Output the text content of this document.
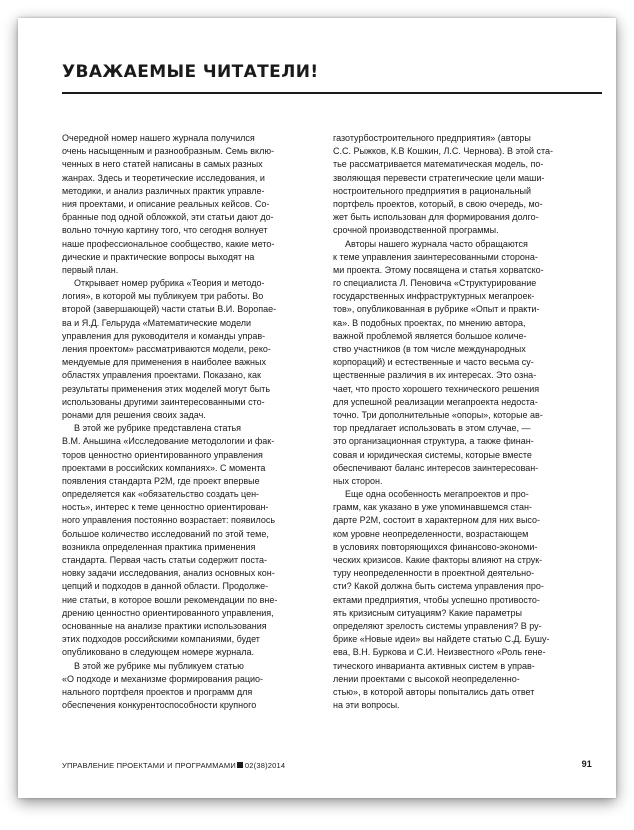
УВАЖАЕМЫЕ ЧИТАТЕЛИ!
Очередной номер нашего журнала получился
очень насыщенным и разнообразным. Семь вклю-
ченных в него статей написаны в самых разных
жанрах. Здесь и теоретические исследования, и
методики, и анализ различных практик управле-
ния проектами, и описание реальных кейсов. Со-
бранные под одной обложкой, эти статьи дают до-
вольно точную картину того, что сегодня волнует
наше профессиональное сообщество, какие мето-
дические и практические вопросы выходят на
первый план.
Открывает номер рубрика «Теория и методо-
логия», в которой мы публикуем три работы. Во
второй (завершающей) части статьи В.И. Воропае-
ва и Я.Д. Гельруда «Математические модели
управления для руководителя и команды управ-
ления проектом» рассматриваются модели, реко-
мендуемые для применения в наиболее важных
областях управления проектами. Показано, как
результаты применения этих моделей могут быть
использованы другими заинтересованными сто-
ронами для решения своих задач.
В этой же рубрике представлена статья
В.М. Аньшина «Исследование методологии и фак-
торов ценностно ориентированного управления
проектами в российских компаниях». С момента
появления стандарта P2M, где проект впервые
определяется как «обязательство создать цен-
ность», интерес к теме ценностно ориентирован-
ного управления постоянно возрастает: появилось
большое количество исследований по этой теме,
возникла определенная практика применения
стандарта. Первая часть статьи содержит поста-
новку задачи исследования, анализ основных кон-
цепций и подходов в данной области. Продолже-
ние статьи, в которое вошли рекомендации по вне-
дрению ценностно ориентированного управления,
основанные на анализе практики использования
этих подходов российскими компаниями, будет
опубликовано в следующем номере журнала.
В этой же рубрике мы публикуем статью
«О подходе и механизме формирования рацио-
нального портфеля проектов и программ для
обеспечения конкурентоспособности крупного
газотурбостроительного предприятия» (авторы
С.С. Рыжков, К.В Кошкин, Л.С. Чернова). В этой ста-
тье рассматривается математическая модель, по-
зволяющая перевести стратегические цели маши-
ностроительного предприятия в рациональный
портфель проектов, который, в свою очередь, мо-
жет быть использован для формирования долго-
срочной производственной программы.
Авторы нашего журнала часто обращаются
к теме управления заинтересованными сторона-
ми проекта. Этому посвящена и статья хорватско-
го специалиста Л. Пеновича «Структурирование
государственных инфраструктурных мегапроек-
тов», опубликованная в рубрике «Опыт и практи-
ка». В подобных проектах, по мнению автора,
важной проблемой является большое количе-
ство участников (в том числе международных
корпораций) и естественные и часто весьма су-
щественные различия в их интересах. Это озна-
чает, что просто хорошего технического решения
для успешной реализации мегапроекта недоста-
точно. Три дополнительные «опоры», которые ав-
тор предлагает использовать в этом случае, —
это организационная структура, а также финан-
совая и юридическая системы, которые вместе
обеспечивают баланс интересов заинтересован-
ных сторон.
Еще одна особенность мегапроектов и про-
грамм, как указано в уже упоминавшемся стан-
дарте P2M, состоит в характерном для них высо-
ком уровне неопределенности, возрастающем
в условиях повторяющихся финансово-экономи-
ческих кризисов. Какие факторы влияют на струк-
туру неопределенности в проектной деятельно-
сти? Какой должна быть система управления про-
ектами предприятия, чтобы успешно противосто-
ять кризисным ситуациям? Какие параметры
определяют зрелость системы управления? В ру-
брике «Новые идеи» вы найдете статью С.Д. Бушу-
ева, В.Н. Буркова и С.И. Неизвестного «Роль гене-
тического инварианта активных систем в управ-
лении проектами с высокой неопределенно-
стью», в которой авторы попытались дать ответ
на эти вопросы.
УПРАВЛЕНИЕ ПРОЕКТАМИ И ПРОГРАММАМИ 02(38)2014	91
